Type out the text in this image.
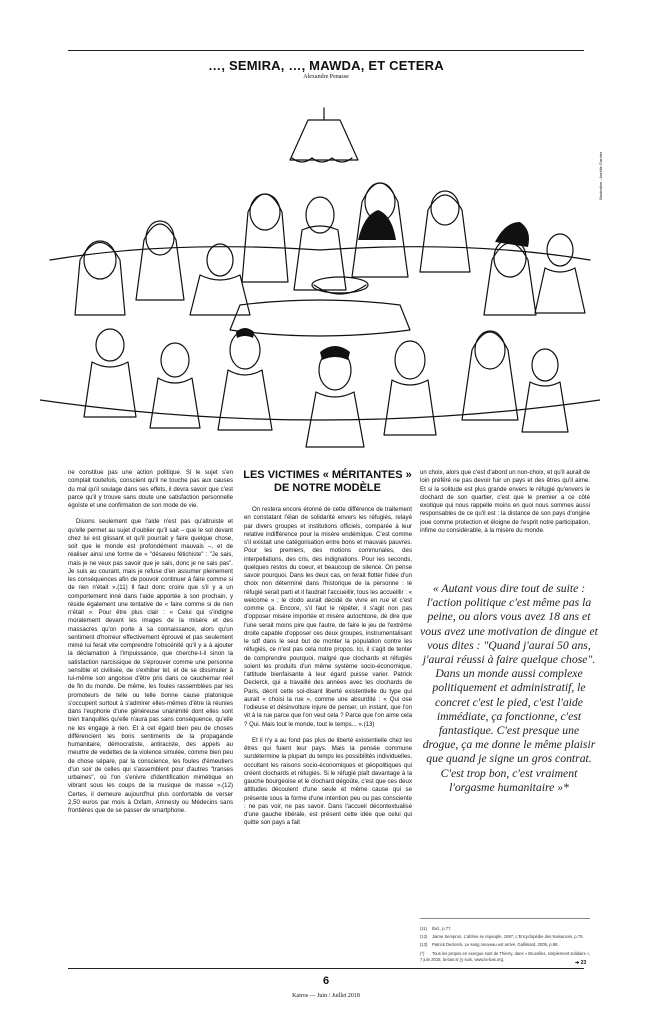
…, SEMIRA, …, MAWDA, ET CETERA
Alexandre Penasse
Illustration : Aurélie Garnier

ne constitue pas une action politique. Si le sujet s'en complait toutefois, conscient qu'il ne touche pas aux causes du mal qu'il soulage dans ses effets, il devra savoir que c'est parce qu'il y trouve sans doute une satisfaction personnelle égoïste et une confirmation de son mode de vie.

Disons seulement que l'aide n'est pas qu'altruiste et qu'elle permet au sujet d'oublier qu'il sait – que le sol devant chez lui est glissant et qu'il pourrait y faire quelque chose, soit que le monde est profondément mauvais –, et de réaliser ainsi une forme de « "désaveu fétichiste" : "Je sais, mais je ne veux pas savoir que je sais, donc je ne sais pas". Je suis au courant, mais je refuse d'en assumer pleinement les conséquences afin de pouvoir continuer à faire comme si de rien n'était ».(11) Il faut donc croire que s'il y a un comportement inné dans l'aide apportée à son prochain, y réside également une tentative de « faire comme si de rien n'était ». Pour être plus clair : « Celui qui s'indigne moralement devant les images de la misère et des massacres qu'on porte à sa connaissance, alors qu'un sentiment d'horreur effectivement éprouvé et pas seulement mimé lui ferait vite comprendre l'obscénité qu'il y a à ajouter la déclamation à l'impuissance, que cherche-t-il sinon la satisfaction narcissique de s'éprouver comme une personne sensible et civilisée, de s'exhiber tel, et de se dissimuler à lui-même son angoisse d'être pris dans ce cauchemar réel de fin du monde. De même, les foules rassemblées par les promoteurs de telle ou telle bonne cause platonique s'occupent surtout à s'admirer elles-mêmes d'être là réunies dans l'euphorie d'une généreuse unanimité dont elles sont bien tranquilles qu'elle n'aura pas sans conséquence, qu'elle ne les engage à rien. Et à cet égard bien peu de choses différencient les bons sentiments de la propagande humanitaire, démocratiste, antiraciste, des appels au meurtre de vedettes de la violence simulée, comme bien peu de chose sépare, par la conscience, les foules d'émeutiers d'un soir de celles qui s'assemblent pour d'autres "transes urbaines", où l'on s'enivre d'identification mimétique en vibrant sous les coups de la musique de masse ».(12) Certes, il demeure aujourd'hui plus confortable de verser 2,50 euros par mois à Oxfam, Amnesty ou Médecins sans frontières que de se passer de smartphone.

LES VICTIMES « MÉRITANTES » DE NOTRE MODÈLE

On restera encore étonné de cette différence de traitement en constatant l'élan de solidarité envers les réfugiés, relayé par divers groupes et institutions officiels, comparée à leur relative indifférence pour la misère endémique. C'est comme s'il existait une catégorisation entre bons et mauvais pauvres. Pour les premiers, des motions communales, des interpellations, des cris, des indignations. Pour les seconds, quelques restos du coeur, et beaucoup de silence. On pense savoir pourquoi. Dans les deux cas, on ferait flotter l'idée d'un choix non déterminé dans l'historique de la personne : le réfugié serait parti et il faudrait l'accueillir, tous les accueillir : « welcome » ; le clodo aurait décidé de vivre en rue et c'est comme ça. Encore, s'il faut le répéter, il s'agit non pas d'opposer misère importée et misère autochtone, de dire que l'une serait moins pire que l'autre, de faire le jeu de l'extrême droite capable d'opposer ces deux groupes, instrumentalisant le sdf dans le seul but de monter la population contre les réfugiés, ce n'est pas cela notre propos. Ici, il s'agit de tenter de comprendre pourquoi, malgré que clochards et réfugiés soient les produits d'un même système socio-économique, l'attitude bienfaisante à leur égard puisse varier. Patrick Declerck, qui a travaillé des années avec les clochards de Paris, décrit cette soi-disant liberté existentielle du type qui aurait « choisi la rue », comme une absurdité : « Qui ose l'odieuse et désinvolture injure de penser, un instant, que l'on vit à la rue parce que l'on veut cela ? Parce que l'on aime cela ? Qui. Mais tout le monde, tout le temps... ».(13)

Et il n'y a au fond pas plus de liberté existentielle chez les êtres qui fuient leur pays. Mais la pensée commune surdétermine la plupart du temps les possibilités individuelles, occultant les raisons socio-économiques et géopolitiques qui créent clochards et réfugiés. Si le réfugié plaît davantage à la gauche bourgeoise et le clochard dégoûte, c'est que ces deux attitudes découlent d'une seule et même cause qui se présente sous la forme d'une intention peu ou pas consciente : ne pas voir, ne pas savoir. Dans l'accueil décontextualisé d'une gauche libérale, est présent cette idée que celui qui quitte son pays a fait

un choix, alors que c'est d'abord un non-choix, et qu'il aurait de loin préféré ne pas devoir fuir un pays et des êtres qu'il aime. Et si la solitude est plus grande envers le réfugié qu'envers le clochard de son quartier, c'est que le premier a ce côté exotique qui nous rappelle moins en quoi nous sommes aussi responsables de ce qu'il est : la distance de son pays d'origine joue comme protection et éloigne de l'esprit notre participation, infime ou considérable, à la misère du monde.

« Autant vous dire tout de suite : l'action politique c'est même pas la peine, ou alors vous avez 18 ans et vous avez une motivation de dingue et vous dites : "Quand j'aurai 50 ans, j'aurai réussi à faire quelque chose". Dans un monde aussi complexe politiquement et administratif, le concret c'est le pied, c'est l'aide immédiate, ça fonctionne, c'est fantastique. C'est presque une drogue, ça me donne le même plaisir que quand je signe un gros contrat. C'est trop bon, c'est vraiment l'orgasme humanitaire »*
(11) Ibid., p.77.
(12) Jaime Semprun, L'abîme se repeuple, 1997, L'Encyclopédie des Nuisances, p.75.
(13) Patrick Declerck, Le sang nouveau est arrivé, Gallimard, 2005, p.88.
(*) Tous les propos en exergue sont de Thierry, dans « Bruxelles, simplement solidaire », 7 juin 2018, la-bas.si j'y suis, www.la-bas.org.
➔ 23
6
Kairos — Juin / Juillet 2018
